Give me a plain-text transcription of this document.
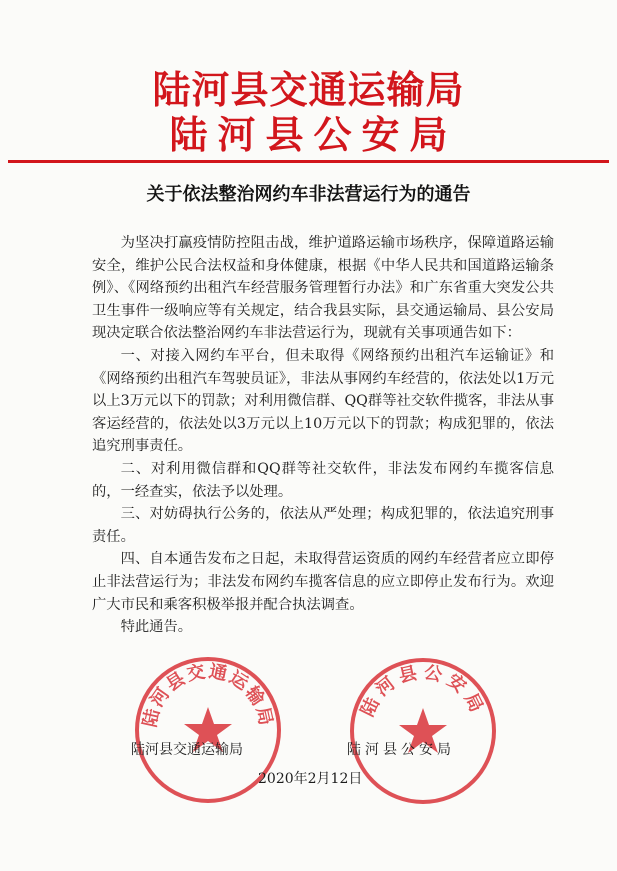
陆河县交通运输局
陆河县公安局
关于依法整治网约车非法营运行为的通告

为坚决打赢疫情防控阻击战，维护道路运输市场秩序，保障道路运输安全，维护公民合法权益和身体健康，根据《中华人民共和国道路运输条例》、《网络预约出租汽车经营服务管理暂行办法》和广东省重大突发公共卫生事件一级响应等有关规定，结合我县实际，县交通运输局、县公安局现决定联合依法整治网约车非法营运行为，现就有关事项通告如下：

一、对接入网约车平台，但未取得《网络预约出租汽车运输证》和《网络预约出租汽车驾驶员证》，非法从事网约车经营的，依法处以1万元以上3万元以下的罚款；对利用微信群、QQ群等社交软件揽客，非法从事客运经营的，依法处以3万元以上10万元以下的罚款；构成犯罪的，依法追究刑事责任。

二、对利用微信群和QQ群等社交软件，非法发布网约车揽客信息的，一经查实，依法予以处理。

三、对妨碍执行公务的，依法从严处理；构成犯罪的，依法追究刑事责任。

四、自本通告发布之日起，未取得营运资质的网约车经营者应立即停止非法营运行为；非法发布网约车揽客信息的应立即停止发布行为。欢迎广大市民和乘客积极举报并配合执法调查。

特此通告。

陆河县交通运输局	陆河县公安局
陆河县交通运输局	陆河县公安局
2020年2月12日
